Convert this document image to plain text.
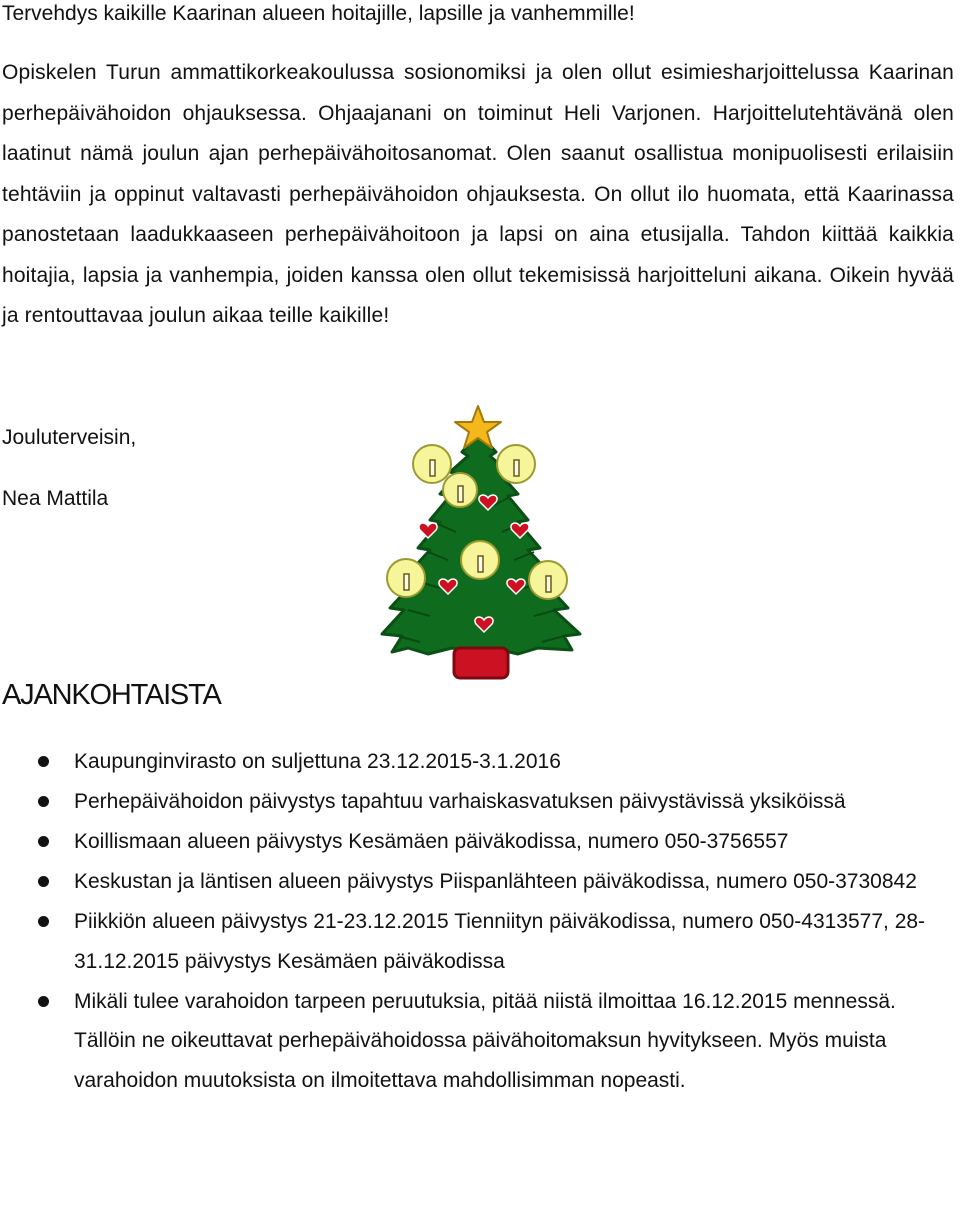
Tervehdys kaikille Kaarinan alueen hoitajille, lapsille ja vanhemmille!
Opiskelen Turun ammattikorkeakoulussa sosionomiksi ja olen ollut esimiesharjoittelussa Kaarinan perhepäivähoidon ohjauksessa. Ohjaajanani on toiminut Heli Varjonen. Harjoittelutehtävänä olen laatinut nämä joulun ajan perhepäivähoitosanomat. Olen saanut osallistua monipuolisesti erilaisiin tehtäviin ja oppinut valtavasti perhepäivähoidon ohjauksesta. On ollut ilo huomata, että Kaarinassa panostetaan laadukkaaseen perhepäivähoitoon ja lapsi on aina etusijalla. Tahdon kiittää kaikkia hoitajia, lapsia ja vanhempia, joiden kanssa olen ollut tekemisissä harjoitteluni aikana. Oikein hyvää ja rentouttavaa joulun aikaa teille kaikille!
Jouluterveisin,
Nea Mattila
AJANKOHTAISTA
Kaupunginvirasto on suljettuna 23.12.2015-3.1.2016
Perhepäivähoidon päivystys tapahtuu varhaiskasvatuksen päivystävissä yksiköissä
Koillismaan alueen päivystys Kesämäen päiväkodissa, numero 050-3756557
Keskustan ja läntisen alueen päivystys Piispanlähteen päiväkodissa, numero 050-3730842
Piikkiön alueen päivystys 21-23.12.2015 Tienniityn päiväkodissa, numero 050-4313577, 28-31.12.2015 päivystys Kesämäen päiväkodissa
Mikäli tulee varahoidon tarpeen peruutuksia, pitää niistä ilmoittaa 16.12.2015 mennessä. Tällöin ne oikeuttavat perhepäivähoidossa päivähoitomaksun hyvitykseen. Myös muista varahoidon muutoksista on ilmoitettava mahdollisimman nopeasti.
